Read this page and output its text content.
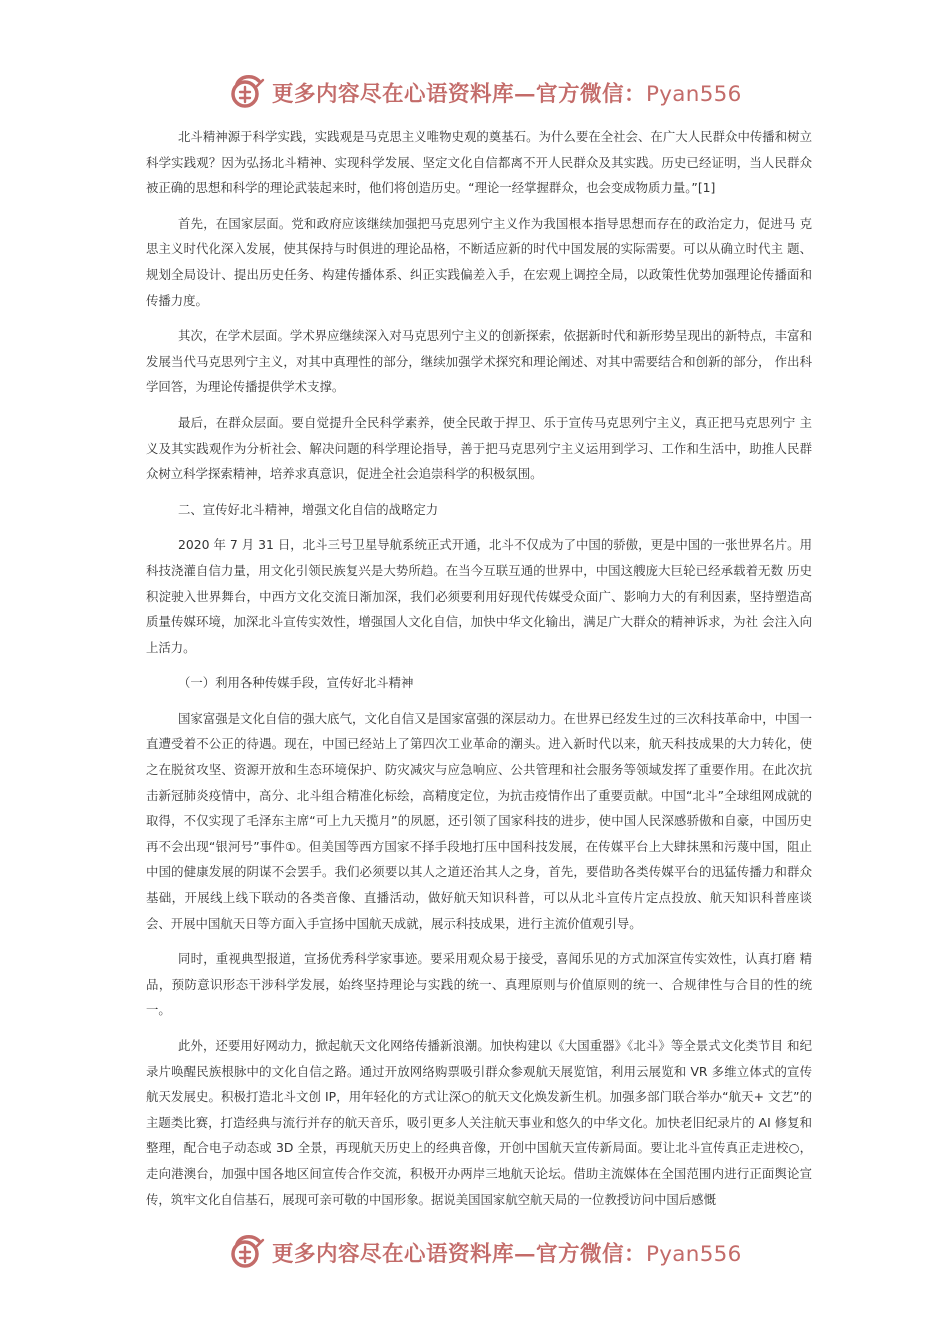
更多内容尽在心语资料库—官方微信：Pyan556

北斗精神源于科学实践，实践观是马克思主义唯物史观的奠基石。为什么要在全社会、在广大人民群众中传播和树立科学实践观？因为弘扬北斗精神、实现科学发展、坚定文化自信都离不开人民群众及其实践。历史已经证明，当人民群众被正确的思想和科学的理论武装起来时，他们将创造历史。“理论一经掌握群众，也会变成物质力量。”[1]

首先，在国家层面。党和政府应该继续加强把马克思列宁主义作为我国根本指导思想而存在的政治定力，促进马 克思主义时代化深入发展，使其保持与时俱进的理论品格，不断适应新的时代中国发展的实际需要。可以从确立时代主 题、规划全局设计、提出历史任务、构建传播体系、纠正实践偏差入手，在宏观上调控全局，以政策性优势加强理论传播面和传播力度。

其次，在学术层面。学术界应继续深入对马克思列宁主义的创新探索，依据新时代和新形势呈现出的新特点，丰富和发展当代马克思列宁主义，对其中真理性的部分，继续加强学术探究和理论阐述、对其中需要结合和创新的部分， 作出科学回答，为理论传播提供学术支撑。

最后，在群众层面。要自觉提升全民科学素养，使全民敢于捍卫、乐于宣传马克思列宁主义，真正把马克思列宁 主义及其实践观作为分析社会、解决问题的科学理论指导，善于把马克思列宁主义运用到学习、工作和生活中，助推人民群众树立科学探索精神，培养求真意识，促进全社会追崇科学的积极氛围。

二、宣传好北斗精神，增强文化自信的战略定力

2020 年 7 月 31 日，北斗三号卫星导航系统正式开通，北斗不仅成为了中国的骄傲，更是中国的一张世界名片。用科技浇灌自信力量，用文化引领民族复兴是大势所趋。在当今互联互通的世界中，中国这艘庞大巨轮已经承载着无数 历史积淀驶入世界舞台，中西方文化交流日渐加深，我们必须要利用好现代传媒受众面广、影响力大的有利因素，坚持塑造高质量传媒环境，加深北斗宣传实效性，增强国人文化自信，加快中华文化输出，满足广大群众的精神诉求，为社 会注入向上活力。

（一）利用各种传媒手段，宣传好北斗精神

国家富强是文化自信的强大底气，文化自信又是国家富强的深层动力。在世界已经发生过的三次科技革命中，中国一直遭受着不公正的待遇。现在，中国已经站上了第四次工业革命的潮头。进入新时代以来，航天科技成果的大力转化，使之在脱贫攻坚、资源开放和生态环境保护、防灾减灾与应急响应、公共管理和社会服务等领域发挥了重要作用。在此次抗击新冠肺炎疫情中，高分、北斗组合精准化标绘，高精度定位，为抗击疫情作出了重要贡献。中国“北斗”全球组网成就的取得，不仅实现了毛泽东主席“可上九天揽月”的夙愿，还引领了国家科技的进步，使中国人民深感骄傲和自豪，中国历史再不会出现“银河号”事件①。但美国等西方国家不择手段地打压中国科技发展，在传媒平台上大肆抹黑和污蔑中国，阻止中国的健康发展的阴谋不会罢手。我们必须要以其人之道还治其人之身，首先，要借助各类传媒平台的迅猛传播力和群众基础，开展线上线下联动的各类音像、直播活动，做好航天知识科普，可以从北斗宣传片定点投放、航天知识科普座谈会、开展中国航天日等方面入手宣扬中国航天成就，展示科技成果，进行主流价值观引导。

同时，重视典型报道，宣扬优秀科学家事迹。要采用观众易于接受，喜闻乐见的方式加深宣传实效性，认真打磨 精品，预防意识形态干涉科学发展，始终坚持理论与实践的统一、真理原则与价值原则的统一、合规律性与合目的性的统一。

此外，还要用好网动力，掀起航天文化网络传播新浪潮。加快构建以《大国重器》《北斗》等全景式文化类节目 和纪录片唤醒民族根脉中的文化自信之路。通过开放网络购票吸引群众参观航天展览馆，利用云展览和 VR 多维立体式的宣传航天发展史。积极打造北斗文创 IP，用年轻化的方式让深○的航天文化焕发新生机。加强多部门联合举办“航天+ 文艺”的主题类比赛，打造经典与流行并存的航天音乐，吸引更多人关注航天事业和悠久的中华文化。加快老旧纪录片的 AI 修复和整理，配合电子动态或 3D 全景，再现航天历史上的经典音像，开创中国航天宣传新局面。要让北斗宣传真正走进校○，走向港澳台，加强中国各地区间宣传合作交流，积极开办两岸三地航天论坛。借助主流媒体在全国范围内进行正面舆论宣传，筑牢文化自信基石，展现可亲可敬的中国形象。据说美国国家航空航天局的一位教授访问中国后感慨

更多内容尽在心语资料库—官方微信：Pyan556
